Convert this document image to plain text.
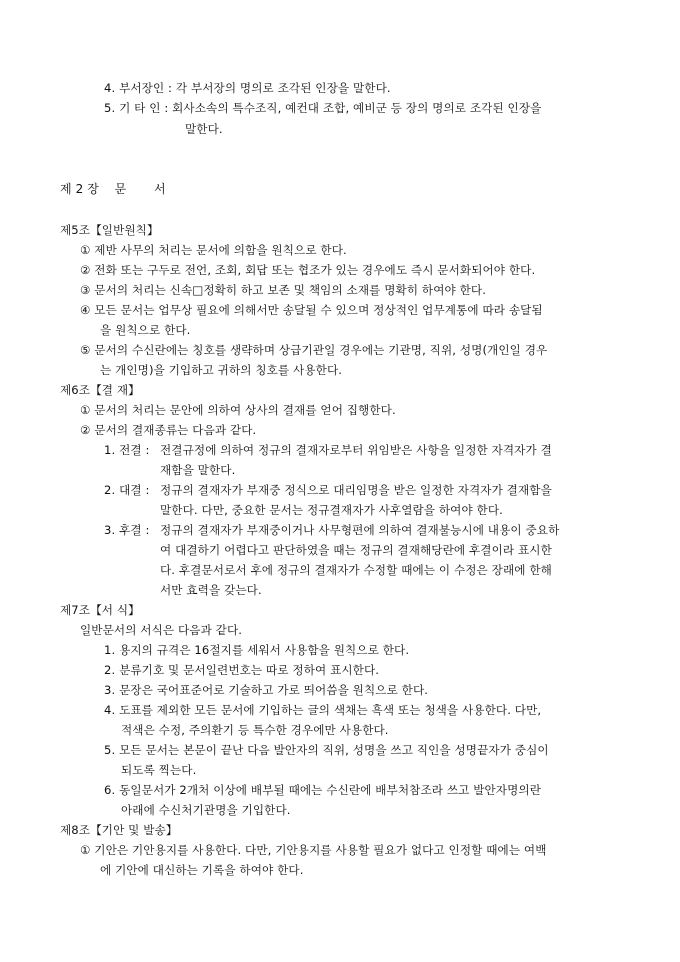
4. 부서장인 : 각 부서장의 명의로 조각된 인장을 말한다.
5. 기 타 인 : 회사소속의 특수조직, 예컨대 조합, 예비군 등 장의 명의로 조각된 인장을
말한다.
제 2 장 문 서
제5조【일반원칙】
① 제반 사무의 처리는 문서에 의함을 원칙으로 한다.
② 전화 또는 구두로 전언, 조회, 회답 또는 협조가 있는 경우에도 즉시 문서화되어야 한다.
③ 문서의 처리는 신속□정확히 하고 보존 및 책임의 소재를 명확히 하여야 한다.
④ 모든 문서는 업무상 필요에 의해서만 송달될 수 있으며 정상적인 업무계통에 따라 송달됨
을 원칙으로 한다.
⑤ 문서의 수신란에는 칭호를 생략하며 상급기관일 경우에는 기관명, 직위, 성명(개인일 경우
는 개인명)을 기입하고 귀하의 칭호를 사용한다.
제6조【결 재】
① 문서의 처리는 문안에 의하여 상사의 결재를 얻어 집행한다.
② 문서의 결재종류는 다음과 같다.
1. 전결 : 전결규정에 의하여 정규의 결재자로부터 위임받은 사항을 일정한 자격자가 결
재함을 말한다.
2. 대결 : 정규의 결재자가 부재중 정식으로 대리임명을 받은 일정한 자격자가 결재함을
말한다. 다만, 중요한 문서는 정규결재자가 사후열람을 하여야 한다.
3. 후결 : 정규의 결재자가 부재중이거나 사무형편에 의하여 결재불능시에 내용이 중요하
여 대결하기 어렵다고 판단하였을 때는 정규의 결재해당란에 후결이라 표시한
다. 후결문서로서 후에 정규의 결재자가 수정할 때에는 이 수정은 장래에 한해
서만 효력을 갖는다.
제7조【서 식】
일반문서의 서식은 다음과 같다.
1. 용지의 규격은 16절지를 세워서 사용함을 원칙으로 한다.
2. 분류기호 및 문서일련번호는 따로 정하여 표시한다.
3. 문장은 국어표준어로 기술하고 가로 띄어씀을 원칙으로 한다.
4. 도표를 제외한 모든 문서에 기입하는 글의 색채는 흑색 또는 청색을 사용한다. 다만,
적색은 수정, 주의환기 등 특수한 경우에만 사용한다.
5. 모든 문서는 본문이 끝난 다음 발안자의 직위, 성명을 쓰고 직인을 성명끝자가 중심이
되도록 찍는다.
6. 동일문서가 2개처 이상에 배부될 때에는 수신란에 배부처참조라 쓰고 발안자명의란
아래에 수신처기관명을 기입한다.
제8조【기안 및 발송】
① 기안은 기안용지를 사용한다. 다만, 기안용지를 사용할 필요가 없다고 인정할 때에는 여백
에 기안에 대신하는 기록을 하여야 한다.
